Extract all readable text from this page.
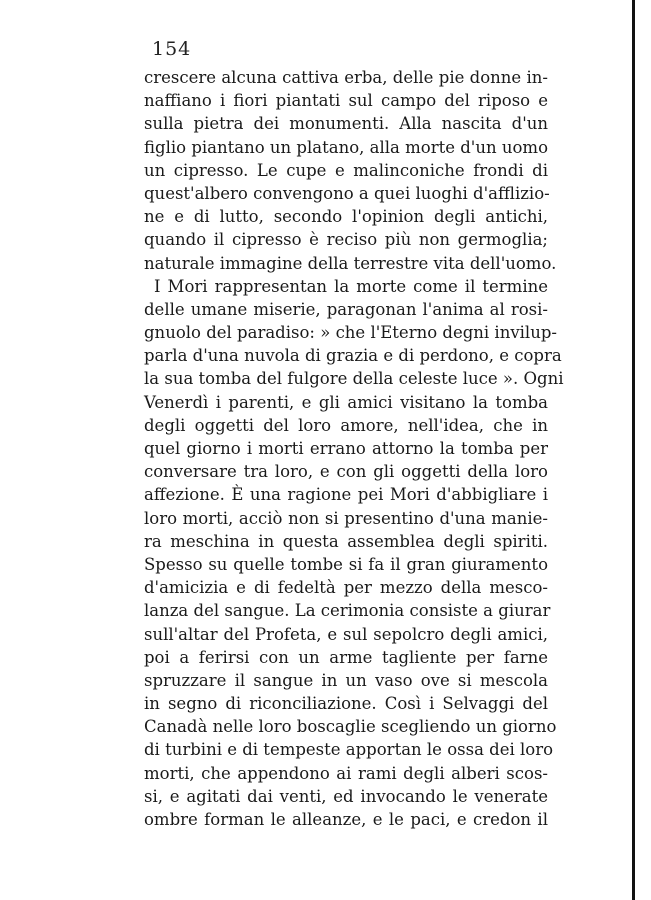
154
crescere alcuna cattiva erba, delle pie donne in-
naffiano i fiori piantati sul campo del riposo e
sulla pietra dei monumenti. Alla nascita d'un
figlio piantano un platano, alla morte d'un uomo
un cipresso. Le cupe e malinconiche frondi di
quest'albero convengono a quei luoghi d'afflizio-
ne e di lutto, secondo l'opinion degli antichi,
quando il cipresso è reciso più non germoglia;
naturale immagine della terrestre vita dell'uomo.
I Mori rappresentan la morte come il termine
delle umane miserie, paragonan l'anima al rosi-
gnuolo del paradiso: » che l'Eterno degni invilup-
parla d'una nuvola di grazia e di perdono, e copra
la sua tomba del fulgore della celeste luce ». Ogni
Venerdì i parenti, e gli amici visitano la tomba
degli oggetti del loro amore, nell'idea, che in
quel giorno i morti errano attorno la tomba per
conversare tra loro, e con gli oggetti della loro
affezione. È una ragione pei Mori d'abbigliare i
loro morti, acciò non si presentino d'una manie-
ra meschina in questa assemblea degli spiriti.
Spesso su quelle tombe si fa il gran giuramento
d'amicizia e di fedeltà per mezzo della mesco-
lanza del sangue. La cerimonia consiste a giurar
sull'altar del Profeta, e sul sepolcro degli amici,
poi a ferirsi con un arme tagliente per farne
spruzzare il sangue in un vaso ove si mescola
in segno di riconciliazione. Così i Selvaggi del
Canadà nelle loro boscaglie scegliendo un giorno
di turbini e di tempeste apportan le ossa dei loro
morti, che appendono ai rami degli alberi scos-
si, e agitati dai venti, ed invocando le venerate
ombre forman le alleanze, e le paci, e credon il
